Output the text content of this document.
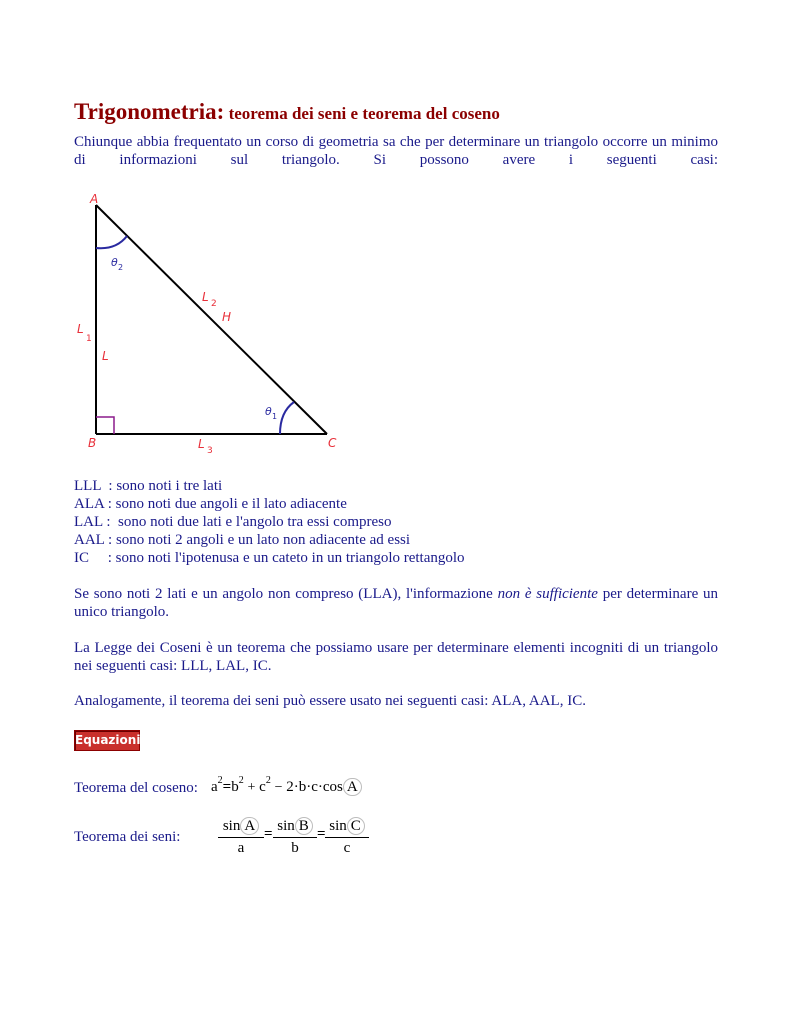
Trigonometria: teorema dei seni e teorema del coseno

Chiunque abbia frequentato un corso di geometria sa che per determinare un triangolo occorre un minimo di informazioni sul triangolo. Si possono avere i seguenti casi:

A
B	C
L
1
L
L 2
H
L 3
θ 2
θ 1
LLL  : sono noti i tre lati
ALA : sono noti due angoli e il lato adiacente
LAL :  sono noti due lati e l'angolo tra essi compreso
AAL : sono noti 2 angoli e un lato non adiacente ad essi
IC     : sono noti l'ipotenusa e un cateto in un triangolo rettangolo

Se sono noti 2 lati e un angolo non compreso (LLA), l'informazione non è sufficiente per determinare un unico triangolo.

La Legge dei Coseni è un teorema che possiamo usare per determinare elementi incogniti di un triangolo nei seguenti casi: LLL, LAL, IC.

Analogamente, il teorema dei seni può essere usato nei seguenti casi: ALA, AAL, IC.

Equazioni
Teorema del coseno: $a^2=b^2 + c^2 - 2\cdot b\cdot c\cdot\cos$ A
Teorema dei seni:	$\frac{\text{sin A}}{a} = \frac{\text{sin B}}{b} = \frac{\text{sin C}}{c}$
